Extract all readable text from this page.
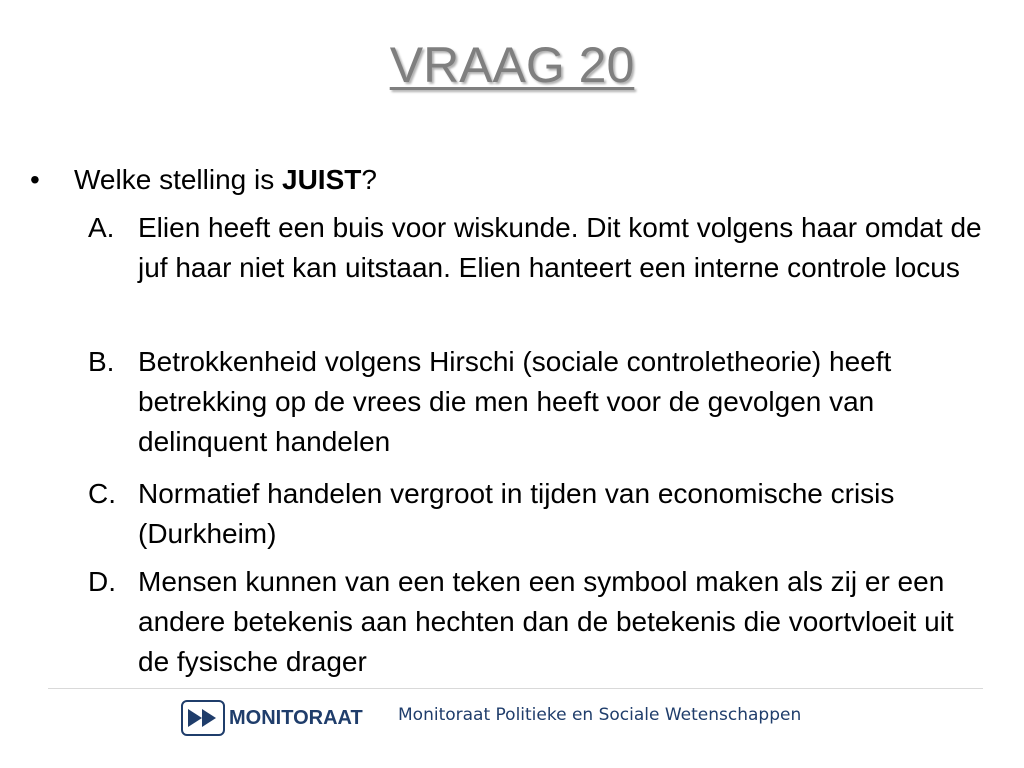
VRAAG 20
• Welke stelling is JUIST?
A. Elien heeft een buis voor wiskunde. Dit komt volgens haar omdat de juf haar niet kan uitstaan. Elien hanteert een interne controle locus
B. Betrokkenheid volgens Hirschi (sociale controletheorie) heeft betrekking op de vrees die men heeft voor de gevolgen van delinquent handelen
C. Normatief handelen vergroot in tijden van economische crisis (Durkheim)
D. Mensen kunnen van een teken een symbool maken als zij er een andere betekenis aan hechten dan de betekenis die voortvloeit uit de fysische drager
MONITORAAT Monitoraat Politieke en Sociale Wetenschappen
